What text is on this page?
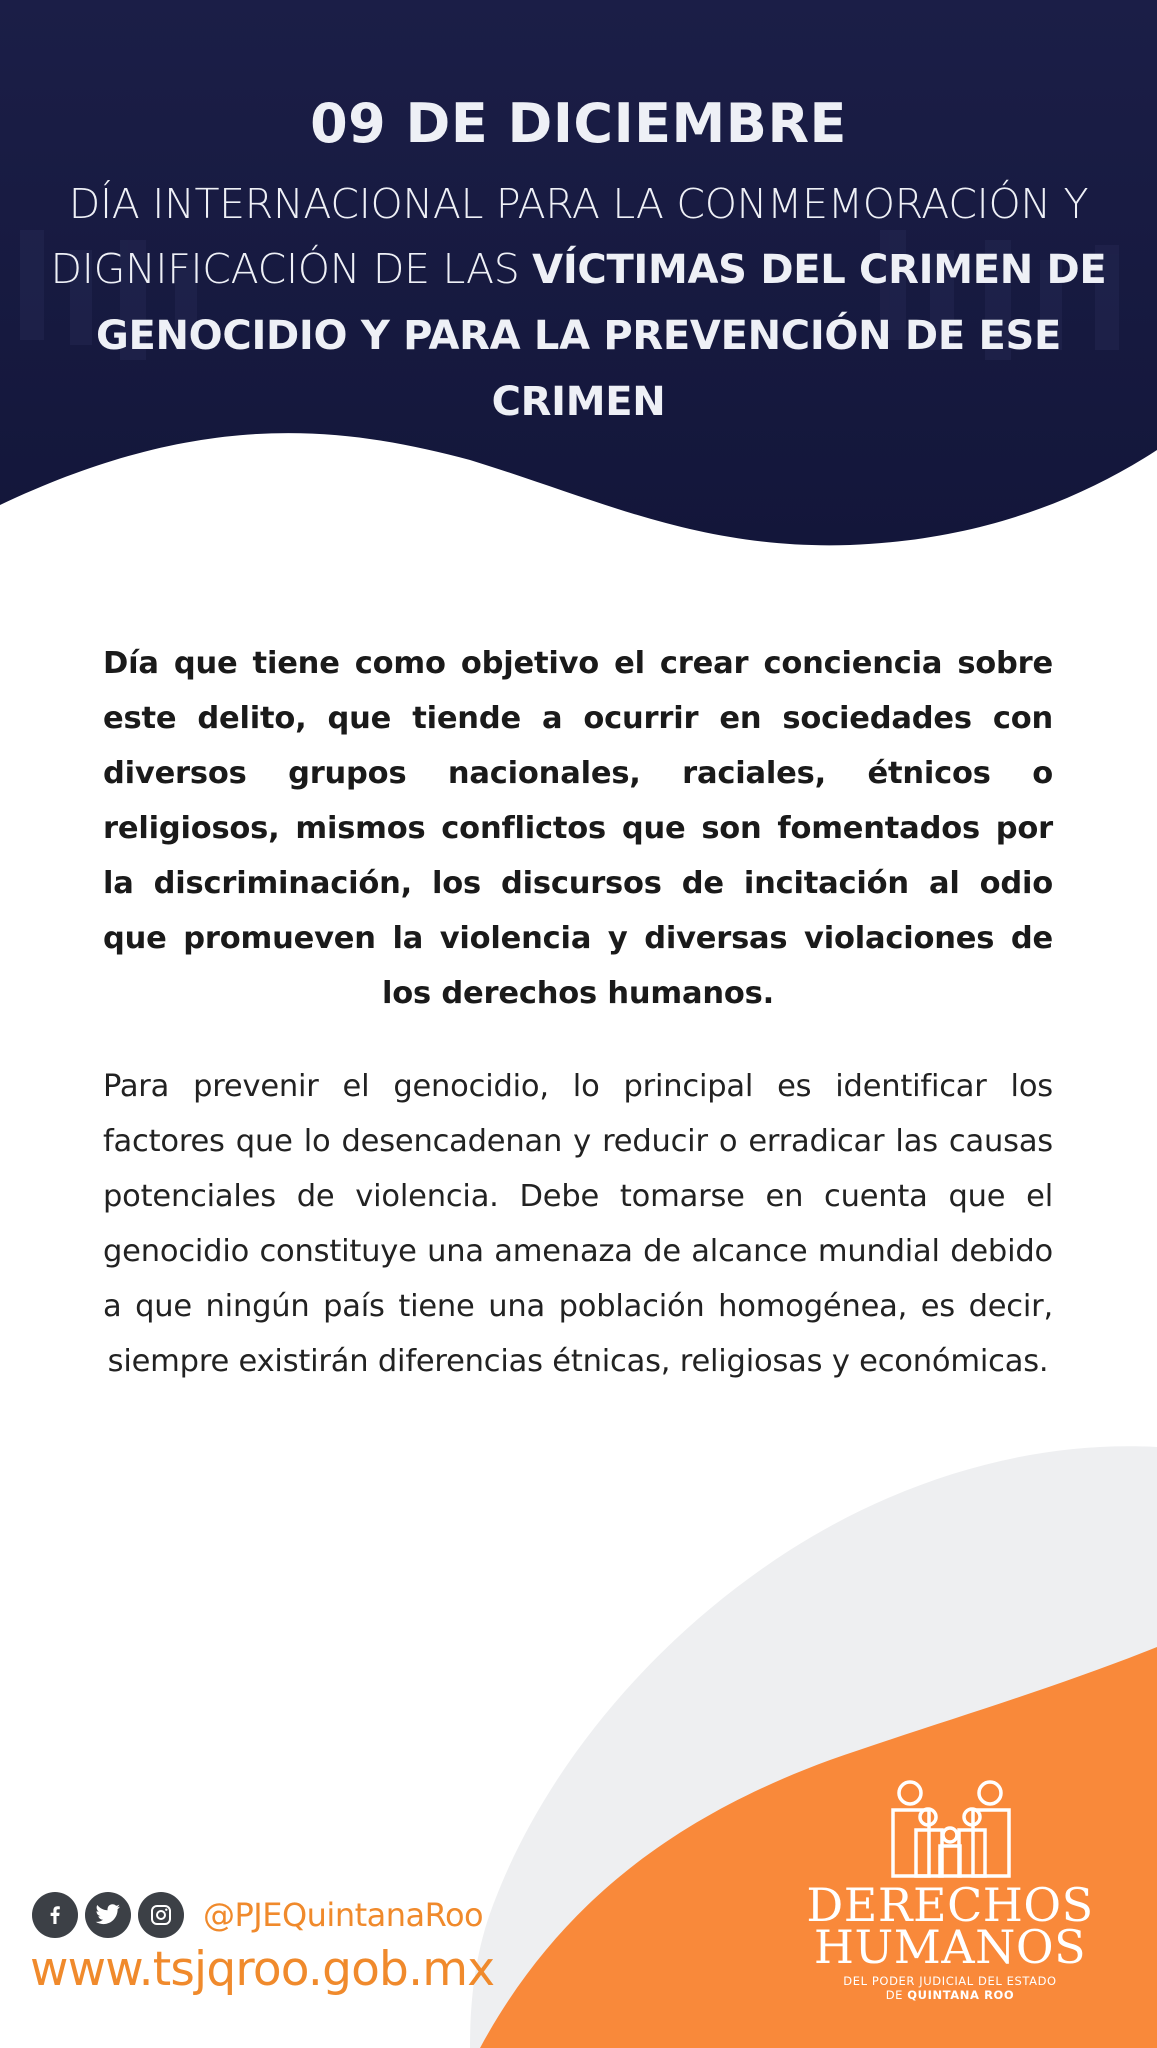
09 DE DICIEMBRE
DÍA INTERNACIONAL PARA LA CONMEMORACIÓN Y DIGNIFICACIÓN DE LAS VÍCTIMAS DEL CRIMEN DE GENOCIDIO Y PARA LA PREVENCIÓN DE ESE CRIMEN

Día que tiene como objetivo el crear conciencia sobre este delito, que tiende a ocurrir en sociedades con diversos grupos nacionales, raciales, étnicos o religiosos, mismos conflictos que son fomentados por la discriminación, los discursos de incitación al odio que promueven la violencia y diversas violaciones de los derechos humanos.

Para prevenir el genocidio, lo principal es identificar los factores que lo desencadenan y reducir o erradicar las causas potenciales de violencia. Debe tomarse en cuenta que el genocidio constituye una amenaza de alcance mundial debido a que ningún país tiene una población homogénea, es decir, siempre existirán diferencias étnicas, religiosas y económicas.

@PJEQuintanaRoo
www.tsjqroo.gob.mx
DERECHOS
HUMANOS
DEL PODER JUDICIAL DEL ESTADO
DE QUINTANA ROO
